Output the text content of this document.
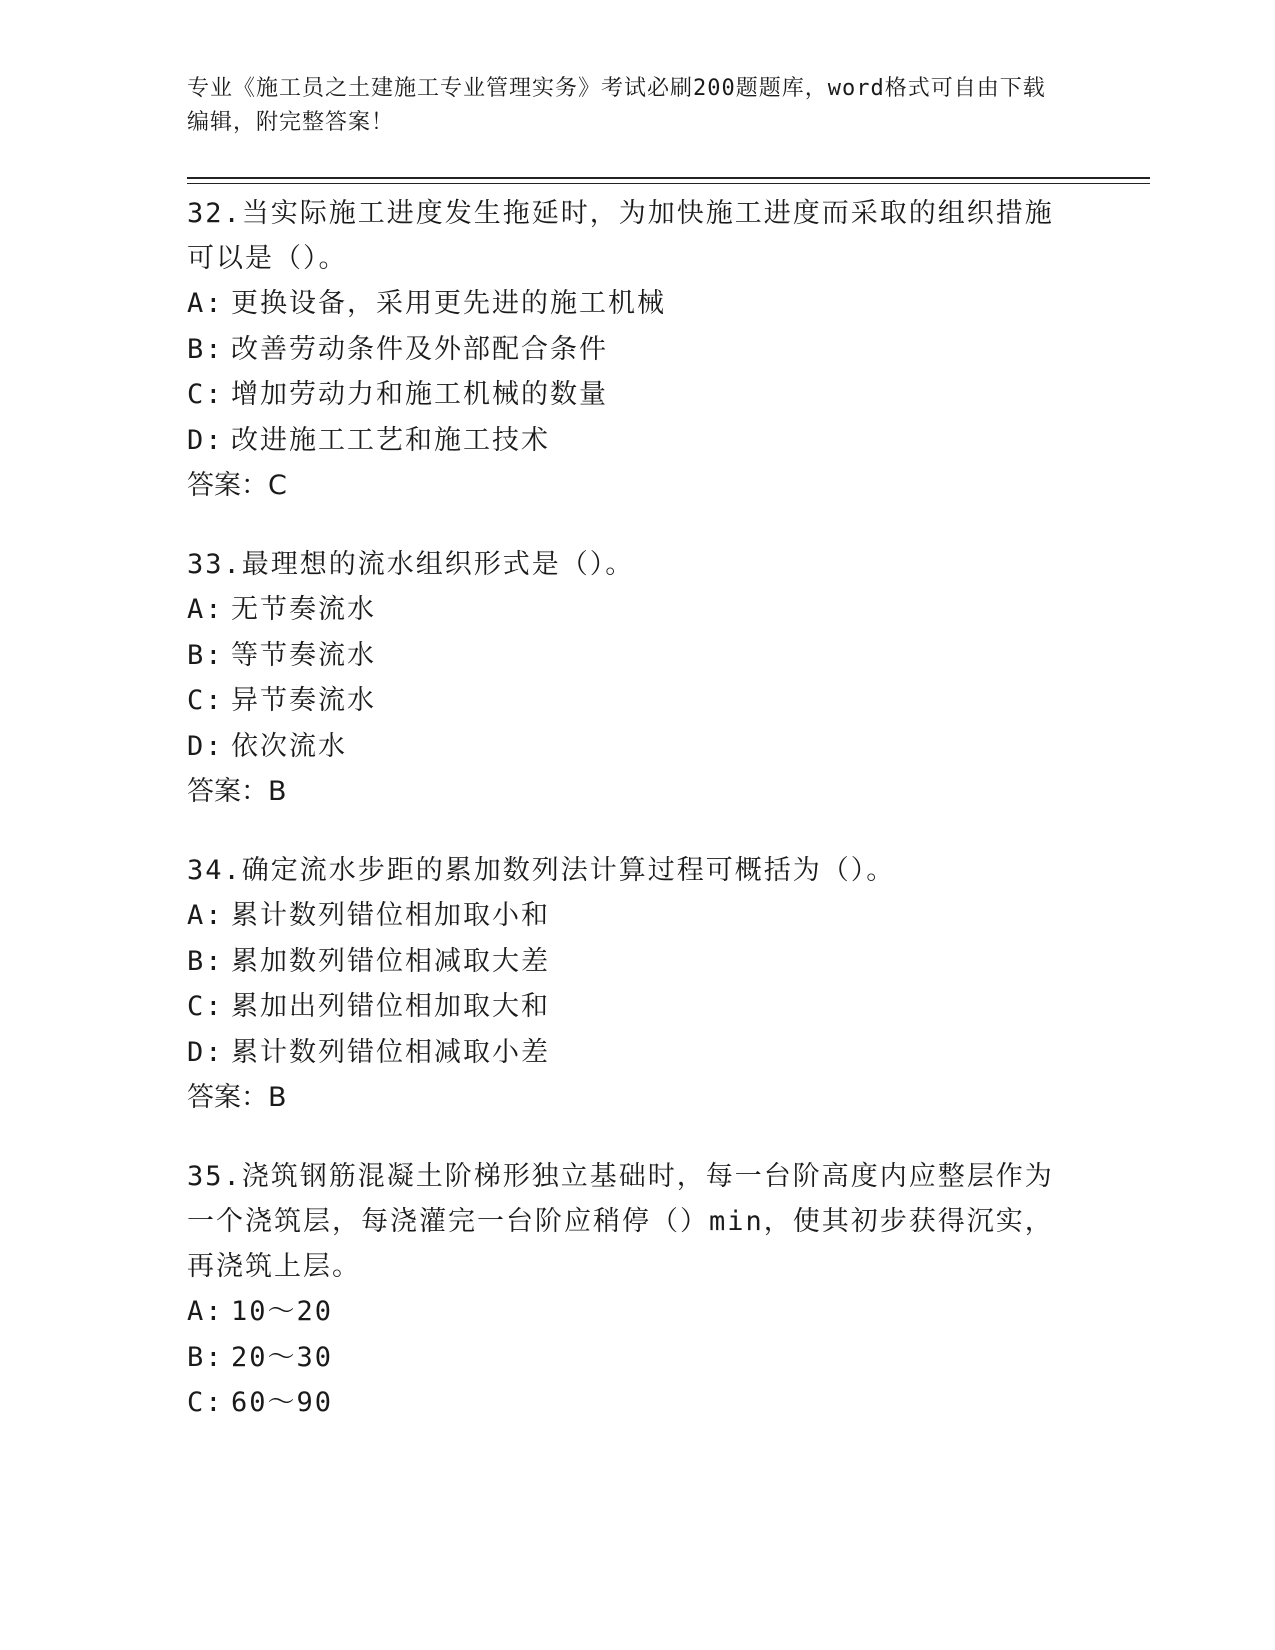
专业《施工员之土建施工专业管理实务》考试必刷200题题库，word格式可自由下载编辑，附完整答案！

32.当实际施工进度发生拖延时，为加快施工进度而采取的组织措施可以是（）。

A: 更换设备，采用更先进的施工机械

B: 改善劳动条件及外部配合条件

C: 增加劳动力和施工机械的数量

D: 改进施工工艺和施工技术

答案：C

33.最理想的流水组织形式是（）。

A: 无节奏流水

B: 等节奏流水

C: 异节奏流水

D: 依次流水

答案：B

34.确定流水步距的累加数列法计算过程可概括为（）。

A: 累计数列错位相加取小和

B: 累加数列错位相减取大差

C: 累加出列错位相加取大和

D: 累计数列错位相减取小差

答案：B

35.浇筑钢筋混凝土阶梯形独立基础时，每一台阶高度内应整层作为一个浇筑层，每浇灌完一台阶应稍停（）min，使其初步获得沉实，再浇筑上层。

A: 10～20

B: 20～30

C: 60～90
